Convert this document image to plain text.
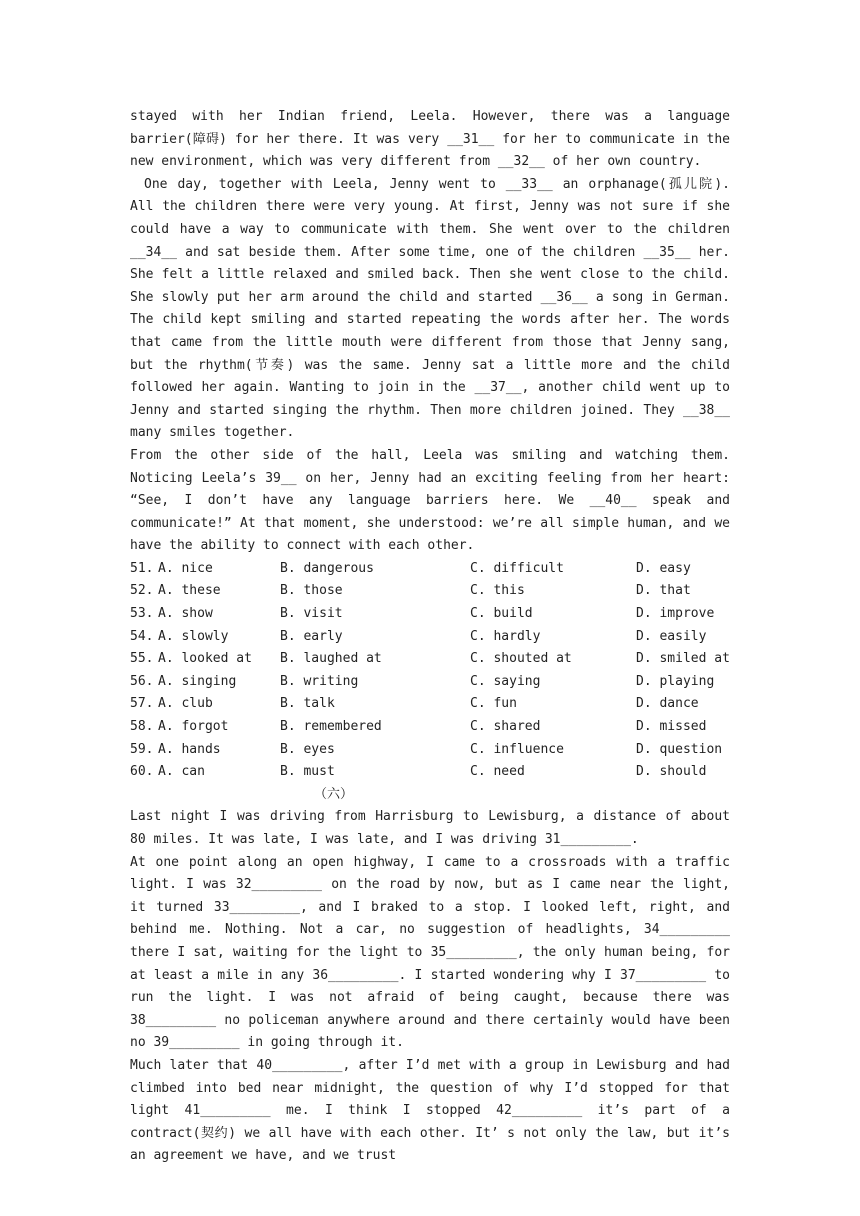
stayed with her Indian friend, Leela. However, there was a language barrier(障碍) for her there. It was very __31__ for her to communicate in the new environment, which was very different from __32__ of her own country.

One day, together with Leela, Jenny went to __33__ an orphanage(孤儿院). All the children there were very young. At first, Jenny was not sure if she could have a way to communicate with them. She went over to the children __34__ and sat beside them. After some time, one of the children __35__ her. She felt a little relaxed and smiled back. Then she went close to the child. She slowly put her arm around the child and started __36__ a song in German. The child kept smiling and started repeating the words after her. The words that came from the little mouth were different from those that Jenny sang, but the rhythm(节奏) was the same. Jenny sat a little more and the child followed her again. Wanting to join in the __37__, another child went up to Jenny and started singing the rhythm. Then more children joined. They __38__ many smiles together.

From the other side of the hall, Leela was smiling and watching them. Noticing Leela’s 39__ on her, Jenny had an exciting feeling from her heart: “See, I don’t have any language barriers here. We __40__ speak and communicate!” At that moment, she understood: we’re all simple human, and we have the ability to connect with each other.

51. A. nice	B. dangerous	C. difficult	D. easy
52. A. these	B. those	C. this	D. that
53. A. show	B. visit	C. build	D. improve
54. A. slowly	B. early	C. hardly	D. easily
55. A. looked at	B. laughed at	C. shouted at	D. smiled at
56. A. singing	B. writing	C. saying	D. playing
57. A. club	B. talk	C. fun	D. dance
58. A. forgot	B. remembered	C. shared	D. missed
59. A. hands	B. eyes	C. influence	D. question
60. A. can	B. must	C. need	D. should
（六）

Last night I was driving from Harrisburg to Lewisburg, a distance of about 80 miles. It was late, I was late, and I was driving 31_________.

At one point along an open highway, I came to a crossroads with a traffic light. I was 32_________ on the road by now, but as I came near the light, it turned 33_________, and I braked to a stop. I looked left, right, and behind me. Nothing. Not a car, no suggestion of headlights, 34_________ there I sat, waiting for the light to 35_________, the only human being, for at least a mile in any 36_________. I started wondering why I 37_________ to run the light. I was not afraid of being caught, because there was 38_________ no policeman anywhere around and there certainly would have been no 39_________ in going through it.

Much later that 40_________, after I’d met with a group in Lewisburg and had climbed into bed near midnight, the question of why I’d stopped for that light 41_________ me. I think I stopped 42_________ it’s part of a contract(契约) we all have with each other. It’ s not only the law, but it’s an agreement we have, and we trust
